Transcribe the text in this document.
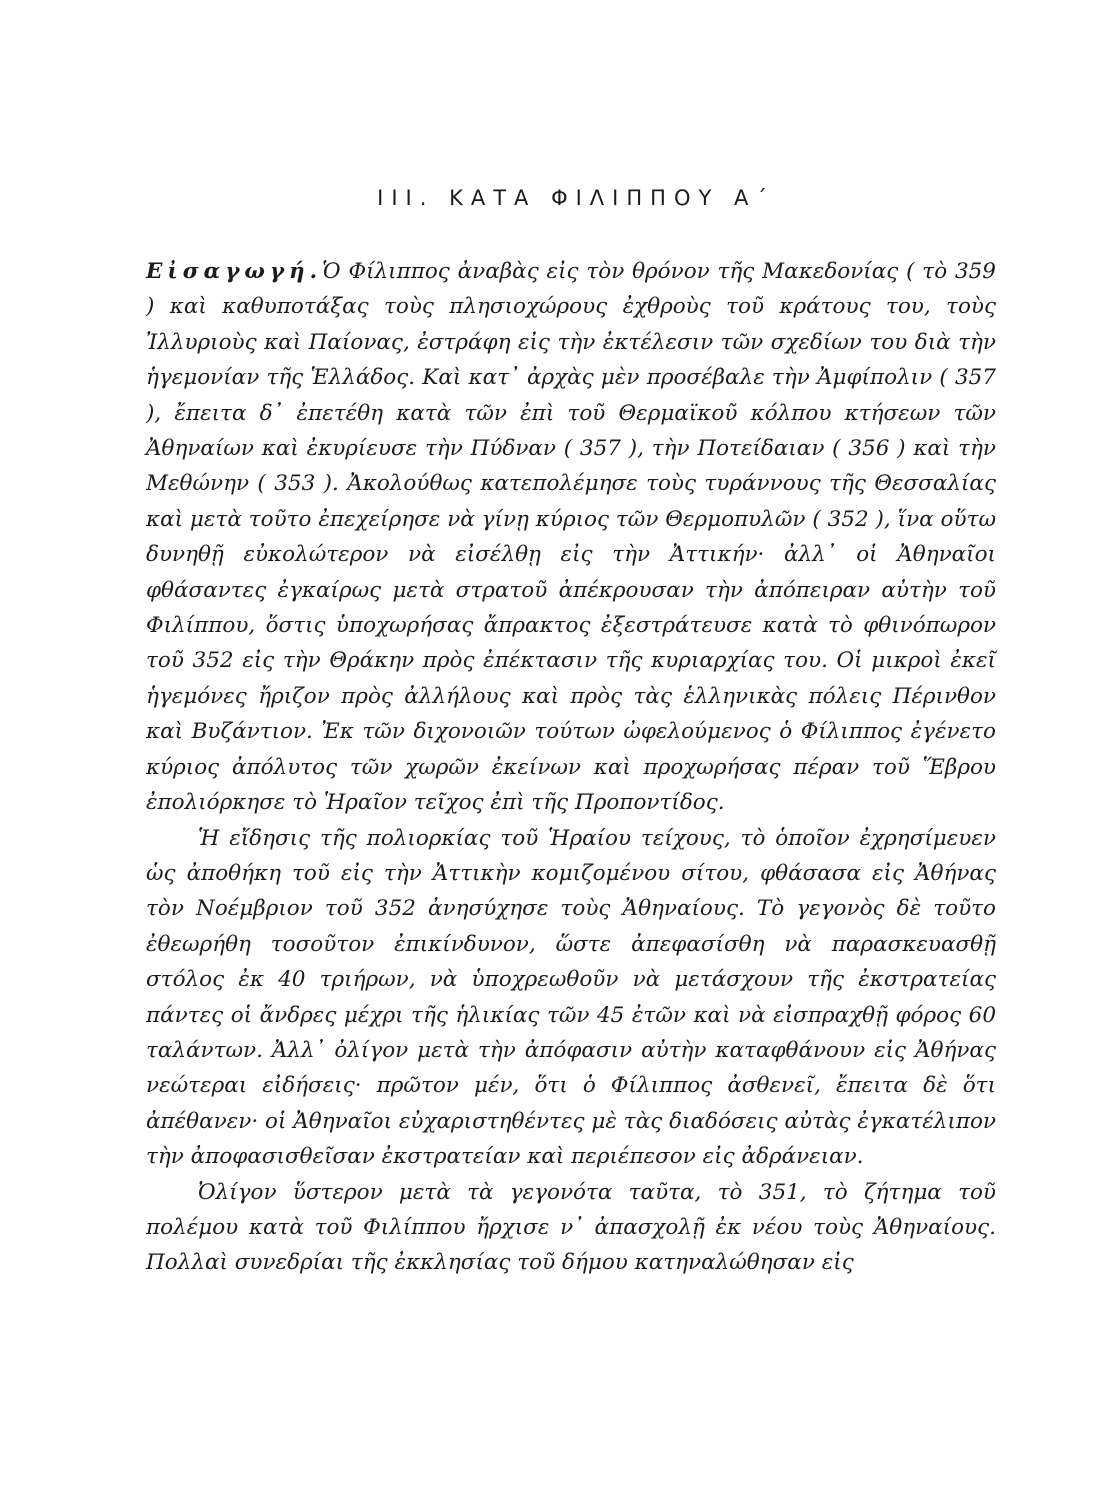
III. ΚΑΤΑ ΦΙΛΙΠΠΟΥ Α΄

Εἰσαγωγή.Ὁ Φίλιππος ἀναβὰς εἰς τὸν θρόνον τῆς Μακεδονίας ( τὸ 359 ) καὶ καθυποτάξας τοὺς πλησιοχώρους ἐχθροὺς τοῦ κράτους του, τοὺς Ἰλλυριοὺς καὶ Παίονας, ἐστράφη εἰς τὴν ἐκτέλεσιν τῶν σχεδίων του διὰ τὴν ἡγεμονίαν τῆς Ἑλλάδος. Καὶ κατ᾽ ἀρχὰς μὲν προσέβαλε τὴν Ἀμφίπολιν ( 357 ), ἔπειτα δ᾽ ἐπετέθη κατὰ τῶν ἐπὶ τοῦ Θερμαϊκοῦ κόλπου κτήσεων τῶν Ἀθηναίων καὶ ἐκυρίευσε τὴν Πύδναν ( 357 ), τὴν Ποτείδαιαν ( 356 ) καὶ τὴν Μεθώνην ( 353 ). Ἀκολούθως κατεπολέμησε τοὺς τυράννους τῆς Θεσσαλίας καὶ μετὰ τοῦτο ἐπεχείρησε νὰ γίνῃ κύριος τῶν Θερμοπυλῶν ( 352 ), ἵνα οὕτω δυνηθῇ εὐκολώτερον νὰ εἰσέλθῃ εἰς τὴν Ἀττικήν· ἀλλ᾽ οἱ Ἀθηναῖοι φθάσαντες ἐγκαίρως μετὰ στρατοῦ ἀπέκρουσαν τὴν ἀπόπειραν αὐτὴν τοῦ Φιλίππου, ὅστις ὑποχωρήσας ἄπρακτος ἐξεστράτευσε κατὰ τὸ φθινόπωρον τοῦ 352 εἰς τὴν Θράκην πρὸς ἐπέκτασιν τῆς κυριαρχίας του. Οἱ μικροὶ ἐκεῖ ἡγεμόνες ἤριζον πρὸς ἀλλήλους καὶ πρὸς τὰς ἑλληνικὰς πόλεις Πέρινθον καὶ Βυζάντιον. Ἐκ τῶν διχονοιῶν τούτων ὠφελούμενος ὁ Φίλιππος ἐγένετο κύριος ἀπόλυτος τῶν χωρῶν ἐκείνων καὶ προχωρήσας πέραν τοῦ Ἕβρου ἐπολιόρκησε τὸ Ἡραῖον τεῖχος ἐπὶ τῆς Προποντίδος.

Ἡ εἴδησις τῆς πολιορκίας τοῦ Ἡραίου τείχους, τὸ ὁποῖον ἐχρησίμευεν ὡς ἀποθήκη τοῦ εἰς τὴν Ἀττικὴν κομιζομένου σίτου, φθάσασα εἰς Ἀθήνας τὸν Νοέμβριον τοῦ 352 ἀνησύχησε τοὺς Ἀθηναίους. Τὸ γεγονὸς δὲ τοῦτο ἐθεωρήθη τοσοῦτον ἐπικίνδυνον, ὥστε ἀπεφασίσθη νὰ παρασκευασθῇ στόλος ἐκ 40 τριήρων, νὰ ὑποχρεωθοῦν νὰ μετάσχουν τῆς ἐκστρατείας πάντες οἱ ἄνδρες μέχρι τῆς ἡλικίας τῶν 45 ἐτῶν καὶ νὰ εἰσπραχθῇ φόρος 60 ταλάντων. Ἀλλ᾽ ὀλίγον μετὰ τὴν ἀπόφασιν αὐτὴν καταφθάνουν εἰς Ἀθήνας νεώτεραι εἰδήσεις· πρῶτον μέν, ὅτι ὁ Φίλιππος ἀσθενεῖ, ἔπειτα δὲ ὅτι ἀπέθανεν· οἱ Ἀθηναῖοι εὐχαριστηθέντες μὲ τὰς διαδόσεις αὐτὰς ἐγκατέλιπον τὴν ἀποφασισθεῖσαν ἐκστρατείαν καὶ περιέπεσον εἰς ἀδράνειαν.

Ὀλίγον ὕστερον μετὰ τὰ γεγονότα ταῦτα, τὸ 351, τὸ ζήτημα τοῦ πολέμου κατὰ τοῦ Φιλίππου ἤρχισε ν᾽ ἀπασχολῇ ἐκ νέου τοὺς Ἀθηναίους. Πολλαὶ συνεδρίαι τῆς ἐκκλησίας τοῦ δήμου κατηναλώθησαν εἰς
